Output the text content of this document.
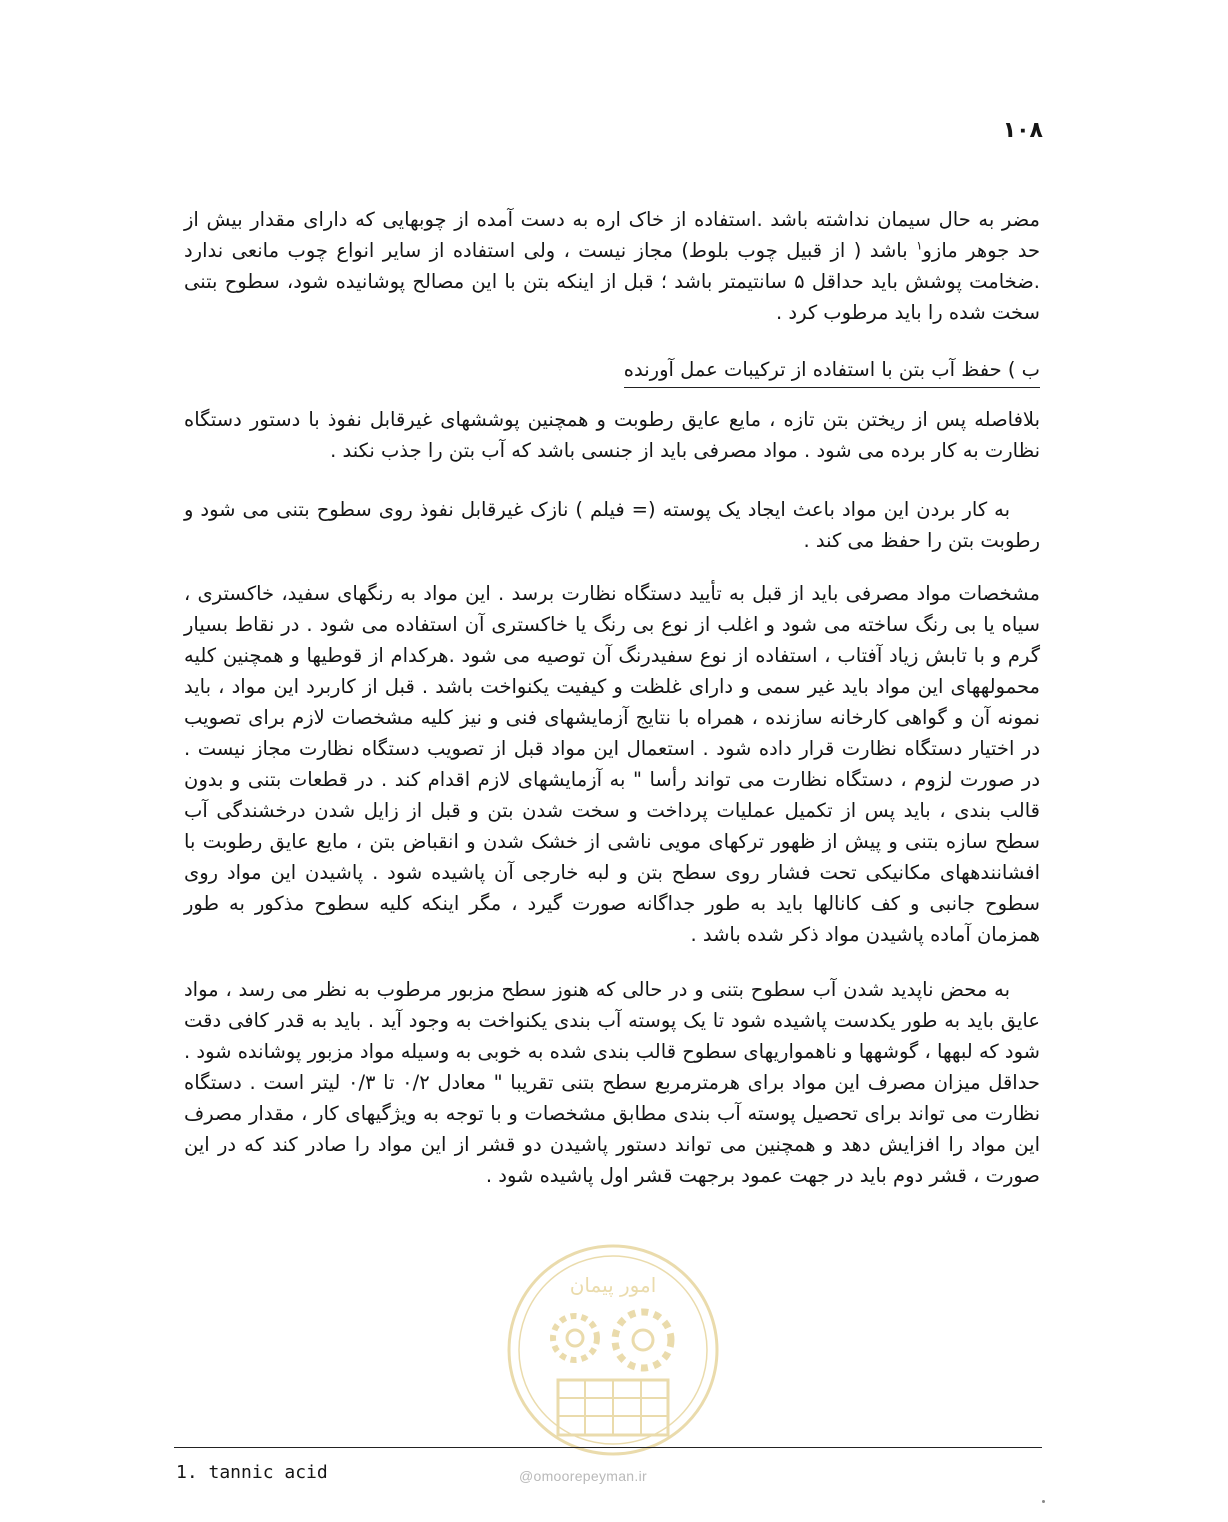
۱۰۸

مضر به حال سیمان نداشته باشد .استفاده از خاک اره به دست آمده از چوبهایی که دارای مقدار بیش از حد جوهر مازو$^۱$ باشد ( از قبیل چوب بلوط) مجاز نیست ، ولی استفاده از سایر انواع چوب مانعی ندارد .ضخامت پوشش باید حداقل ۵ سانتیمتر باشد ؛ قبل از اینکه بتن با این مصالح پوشانیده شود، سطوح بتنی سخت شده را باید مرطوب کرد .

ب ) حفظ آب بتن با استفاده از ترکیبات عمل آورنده

بلافاصله پس از ریختن بتن تازه ، مایع عایق رطوبت و همچنین پوششهای غیرقابل نفوذ با دستور دستگاه نظارت به کار برده می شود . مواد مصرفی باید از جنسی باشد که آب بتن را جذب نکند .

به کار بردن این مواد باعث ایجاد یک پوسته (= فیلم ) نازک غیرقابل نفوذ روی سطوح بتنی می شود و رطوبت بتن را حفظ می کند .

مشخصات مواد مصرفی باید از قبل به تأیید دستگاه نظارت برسد . این مواد به رنگهای سفید، خاکستری ، سیاه یا بی رنگ ساخته می شود و اغلب از نوع بی رنگ یا خاکستری آن استفاده می شود . در نقاط بسیار گرم و با تابش زیاد آفتاب ، استفاده از نوع سفیدرنگ آن توصیه می شود .هرکدام از قوطیها و همچنین کلیه محمولههای این مواد باید غیر سمی و دارای غلظت و کیفیت یکنواخت باشد . قبل از کاربرد این مواد ، باید نمونه آن و گواهی کارخانه سازنده ، همراه با نتایج آزمایشهای فنی و نیز کلیه مشخصات لازم برای تصویب در اختیار دستگاه نظارت قرار داده شود . استعمال این مواد قبل از تصویب دستگاه نظارت مجاز نیست . در صورت لزوم ، دستگاه نظارت می تواند رأسا " به آزمایشهای لازم اقدام کند . در قطعات بتنی و بدون قالب بندی ، باید پس از تکمیل عملیات پرداخت و سخت شدن بتن و قبل از زایل شدن درخشندگی آب سطح سازه بتنی و پیش از ظهور ترکهای مویی ناشی از خشک شدن و انقباض بتن ، مایع عایق رطوبت با افشانندههای مکانیکی تحت فشار روی سطح بتن و لبه خارجی آن پاشیده شود . پاشیدن این مواد روی سطوح جانبی و کف کانالها باید به طور جداگانه صورت گیرد ، مگر اینکه کلیه سطوح مذکور به طور همزمان آماده پاشیدن مواد ذکر شده باشد .

به محض ناپدید شدن آب سطوح بتنی و در حالی که هنوز سطح مزبور مرطوب به نظر می رسد ، مواد عایق باید به طور یکدست پاشیده شود تا یک پوسته آب بندی یکنواخت به وجود آید . باید به قدر کافی دقت شود که لبهها ، گوشهها و ناهمواریهای سطوح قالب بندی شده به خوبی به وسیله مواد مزبور پوشانده شود . حداقل میزان مصرف این مواد برای هرمترمربع سطح بتنی تقریبا " معادل ۰/۲ تا ۰/۳ لیتر است . دستگاه نظارت می تواند برای تحصیل پوسته آب بندی مطابق مشخصات و با توجه به ویژگیهای کار ، مقدار مصرف این مواد را افزایش دهد و همچنین می تواند دستور پاشیدن دو قشر از این مواد را صادر کند که در این صورت ، قشر دوم باید در جهت عمود برجهت قشر اول پاشیده شود .

امور پیمان
1. tannic acid	@omoorepeyman.ir
